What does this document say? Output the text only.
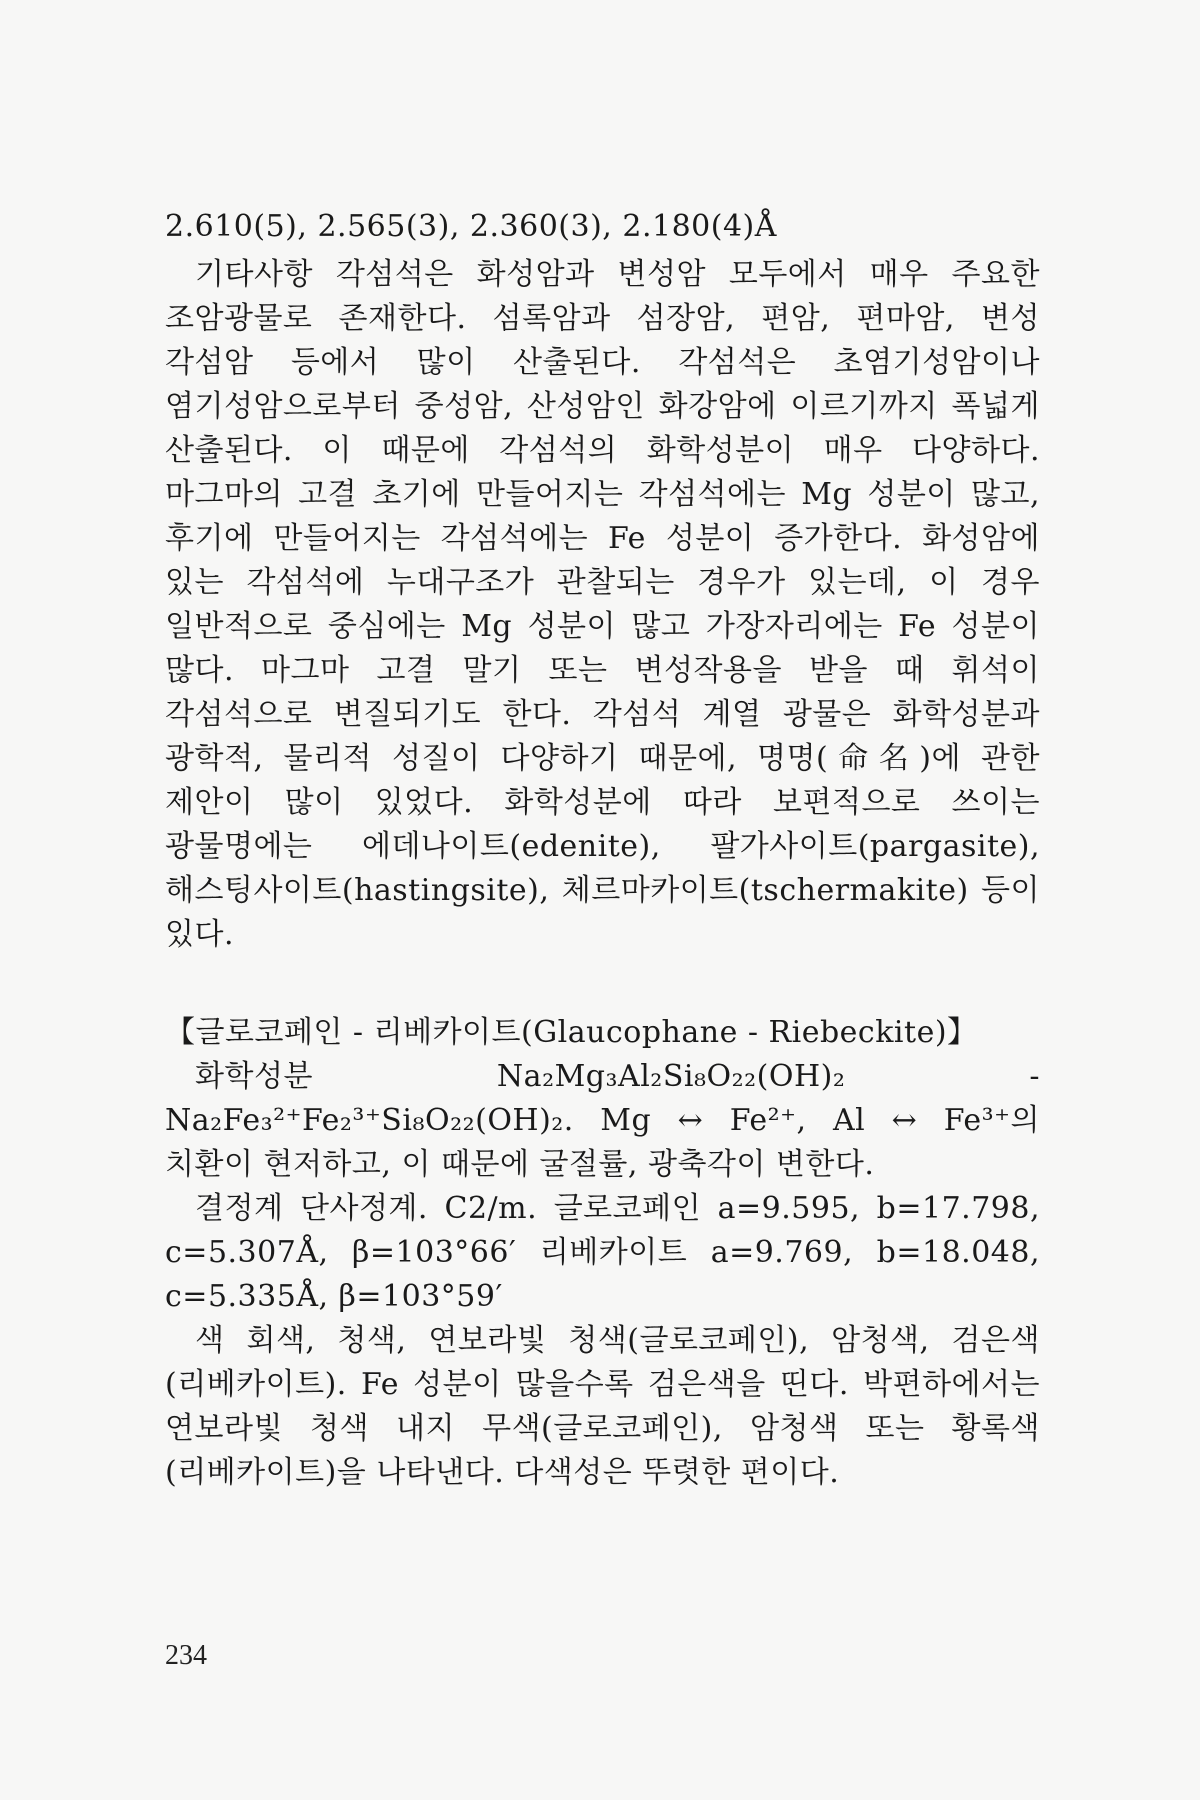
2.610(5), 2.565(3), 2.360(3), 2.180(4)Å

기타사항 각섬석은 화성암과 변성암 모두에서 매우 주요한 조암광물로 존재한다. 섬록암과 섬장암, 편암, 편마암, 변성 각섬암 등에서 많이 산출된다. 각섬석은 초염기성암이나 염기성암으로부터 중성암, 산성암인 화강암에 이르기까지 폭넓게 산출된다. 이 때문에 각섬석의 화학성분이 매우 다양하다. 마그마의 고결 초기에 만들어지는 각섬석에는 Mg 성분이 많고, 후기에 만들어지는 각섬석에는 Fe 성분이 증가한다. 화성암에 있는 각섬석에 누대구조가 관찰되는 경우가 있는데, 이 경우 일반적으로 중심에는 Mg 성분이 많고 가장자리에는 Fe 성분이 많다. 마그마 고결 말기 또는 변성작용을 받을 때 휘석이 각섬석으로 변질되기도 한다. 각섬석 계열 광물은 화학성분과 광학적, 물리적 성질이 다양하기 때문에, 명명(命名)에 관한 제안이 많이 있었다. 화학성분에 따라 보편적으로 쓰이는 광물명에는 에데나이트(edenite), 팔가사이트(pargasite), 해스팅사이트(hastingsite), 체르마카이트(tschermakite) 등이 있다.

【글로코페인 - 리베카이트(Glaucophane - Riebeckite)】

화학성분 Na₂Mg₃Al₂Si₈O₂₂(OH)₂ - Na₂Fe₃²⁺Fe₂³⁺Si₈O₂₂(OH)₂. Mg ↔ Fe²⁺, Al ↔ Fe³⁺의 치환이 현저하고, 이 때문에 굴절률, 광축각이 변한다.

결정계 단사정계. C2/m. 글로코페인 a=9.595, b=17.798, c=5.307Å, β=103°66′ 리베카이트 a=9.769, b=18.048, c=5.335Å, β=103°59′

색 회색, 청색, 연보라빛 청색(글로코페인), 암청색, 검은색(리베카이트). Fe 성분이 많을수록 검은색을 띤다. 박편하에서는 연보라빛 청색 내지 무색(글로코페인), 암청색 또는 황록색(리베카이트)을 나타낸다. 다색성은 뚜렷한 편이다.

234
